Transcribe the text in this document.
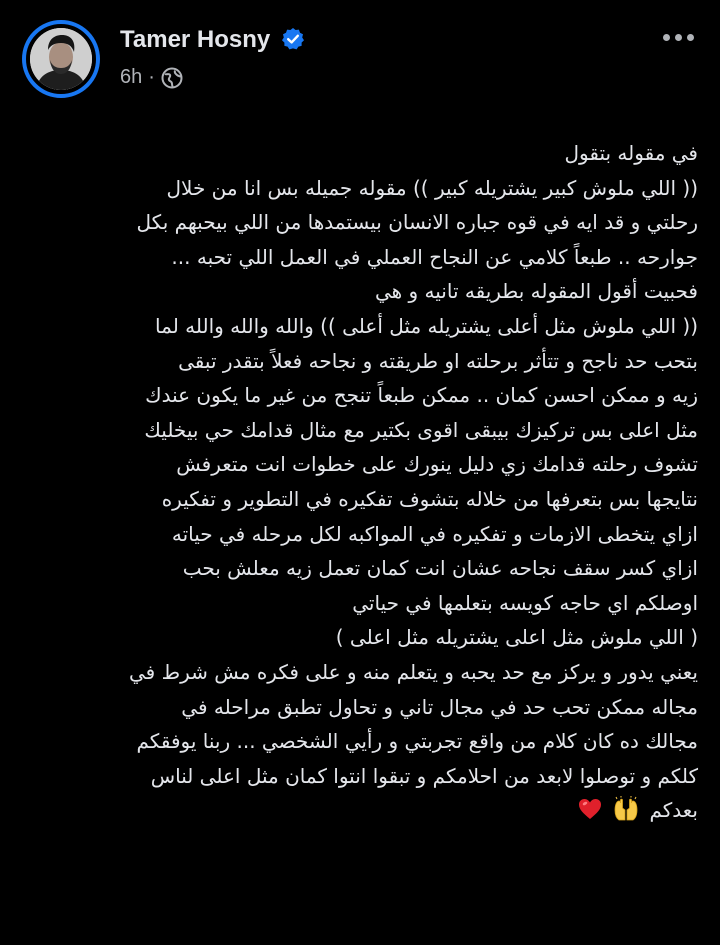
Tamer Hosny
6h ·
في مقوله بتقول
(( اللي ملوش كبير يشتريله كبير )) مقوله جميله بس انا من خلال
رحلتي و قد ايه في قوه جباره الانسان بيستمدها من اللي بيحبهم بكل
جوارحه .. طبعاً كلامي عن النجاح العملي في العمل اللي تحبه ...
فحبيت أقول المقوله بطريقه تانيه و هي
(( اللي ملوش مثل أعلى يشتريله مثل أعلى )) والله والله والله لما
بتحب حد ناجح و تتأثر برحلته او طريقته و نجاحه فعلاً بتقدر تبقى
زيه و ممكن احسن كمان .. ممكن طبعاً تنجح من غير ما يكون عندك
مثل اعلى بس تركيزك بيبقى اقوى بكتير مع مثال قدامك حي بيخليك
تشوف رحلته قدامك زي دليل ينورك على خطوات انت متعرفش
نتايجها بس بتعرفها من خلاله بتشوف تفكيره في التطوير و تفكيره
ازاي يتخطى الازمات و تفكيره في المواكبه لكل مرحله في حياته
ازاي كسر سقف نجاحه عشان انت كمان تعمل زيه معلش بحب
اوصلكم اي حاجه كويسه بتعلمها في حياتي
( اللي ملوش مثل اعلى يشتريله مثل اعلى )
يعني يدور و يركز مع حد يحبه و يتعلم منه و على فكره مش شرط في
مجاله ممكن تحب حد في مجال تاني و تحاول تطبق مراحله في
مجالك ده كان كلام من واقع تجربتي و رأيي الشخصي ... ربنا يوفقكم
كلكم و توصلوا لابعد من احلامكم و تبقوا انتوا كمان مثل اعلى لناس
بعدكم
